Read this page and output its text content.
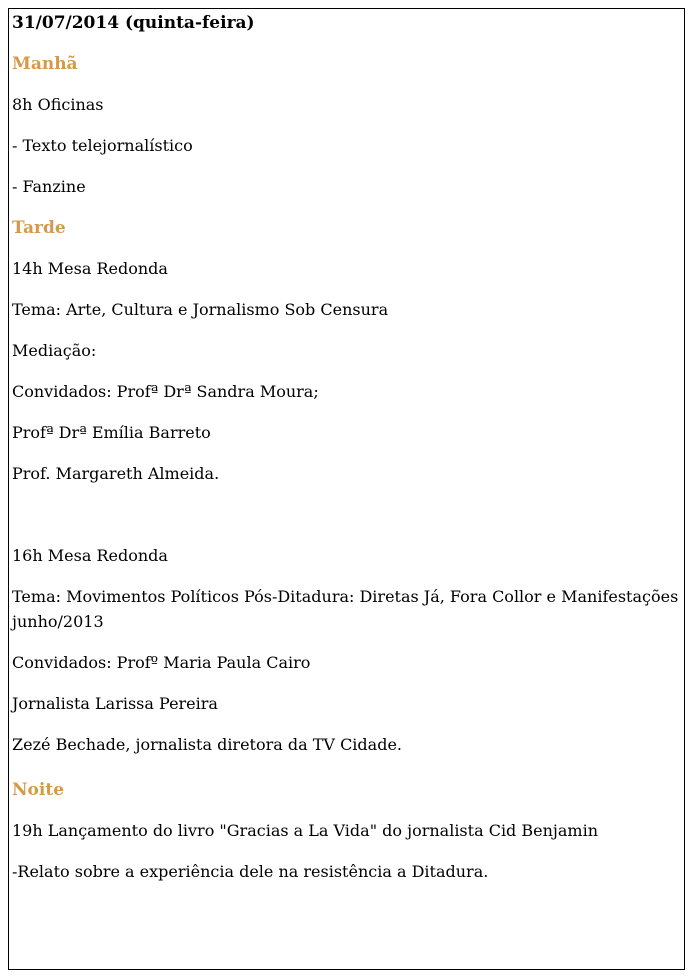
31/07/2014 (quinta-feira)

Manhã

8h Oficinas

- Texto telejornalístico

- Fanzine

Tarde

14h Mesa Redonda

Tema: Arte, Cultura e Jornalismo Sob Censura

Mediação:

Convidados: Profª Drª Sandra Moura;

Profª Drª Emília Barreto

Prof. Margareth Almeida.

16h Mesa Redonda

Tema: Movimentos Políticos Pós-Ditadura: Diretas Já, Fora Collor e Manifestações

junho/2013

Convidados: Profº Maria Paula Cairo

Jornalista Larissa Pereira

Zezé Bechade, jornalista diretora da TV Cidade.

Noite

19h Lançamento do livro "Gracias a La Vida" do jornalista Cid Benjamin

-Relato sobre a experiência dele na resistência a Ditadura.
